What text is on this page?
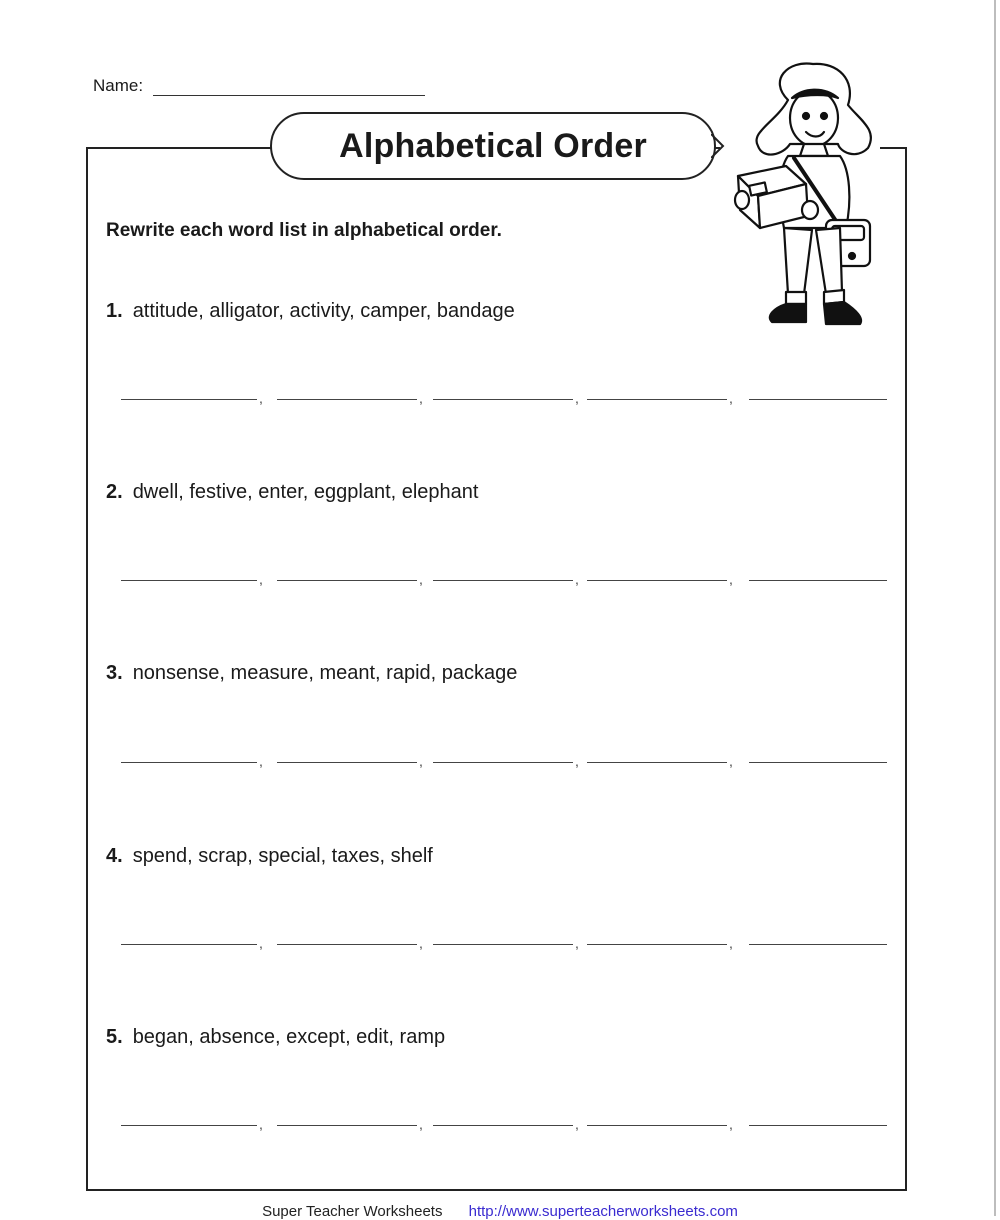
Name:
Alphabetical Order
Rewrite each word list in alphabetical order.
1. attitude, alligator, activity, camper, bandage
,	,	,	,
2. dwell, festive, enter, eggplant, elephant
,	,	,	,
3. nonsense, measure, meant, rapid, package
,	,	,	,
4. spend, scrap, special, taxes, shelf
,	,	,	,
5. began, absence, except, edit, ramp
,	,	,	,
Super Teacher Worksheets http://www.superteacherworksheets.com
